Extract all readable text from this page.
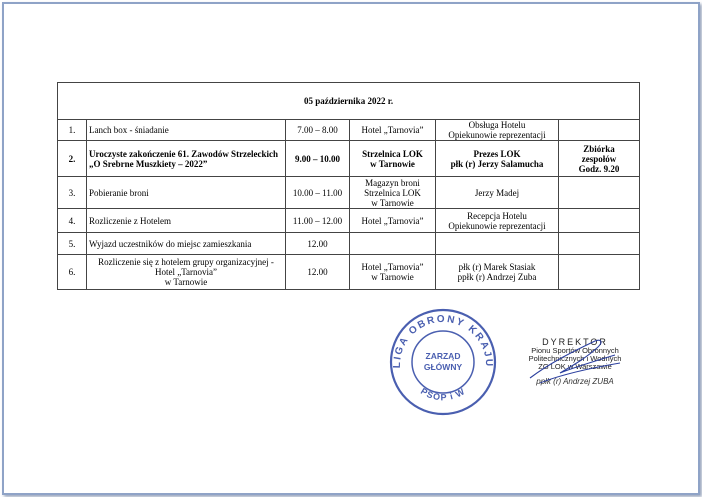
05 października 2022 r.					
1.	Lanch box - śniadanie	7.00 – 8.00	Hotel „Tarnovia”	Obsługa Hotelu
Opiekunowie reprezentacji	
2.	Uroczyste zakończenie 61. Zawodów Strzeleckich „O Srebrne Muszkiety – 2022”	9.00 – 10.00	Strzelnica LOK
w Tarnowie	Prezes LOK
płk (r) Jerzy Salamucha	Zbiórka
zespołów
Godz. 9.20
3.	Pobieranie broni	10.00 – 11.00	Magazyn broni
Strzelnica LOK
w Tarnowie	Jerzy Madej	
4.	Rozliczenie z Hotelem	11.00 – 12.00	Hotel „Tarnovia”	Recepcja Hotelu
Opiekunowie reprezentacji	
5.	Wyjazd uczestników do miejsc zamieszkania	12.00			
6.	Rozliczenie się z hotelem grupy organizacyjnej - Hotel „Tarnovia”
w Tarnowie	12.00	Hotel „Tarnovia”
w Tarnowie	płk (r) Marek Stasiak
ppłk (r) Andrzej Zuba	
LIGA OBRONY KRAJU
PSOP i W
ZARZĄD
GŁÓWNY
DYREKTOR
Pionu Sportów Obronnych
Politechnicznych i Wodnych
ZG LOK w Warszawie
ppłk (r) Andrzej ZUBA
